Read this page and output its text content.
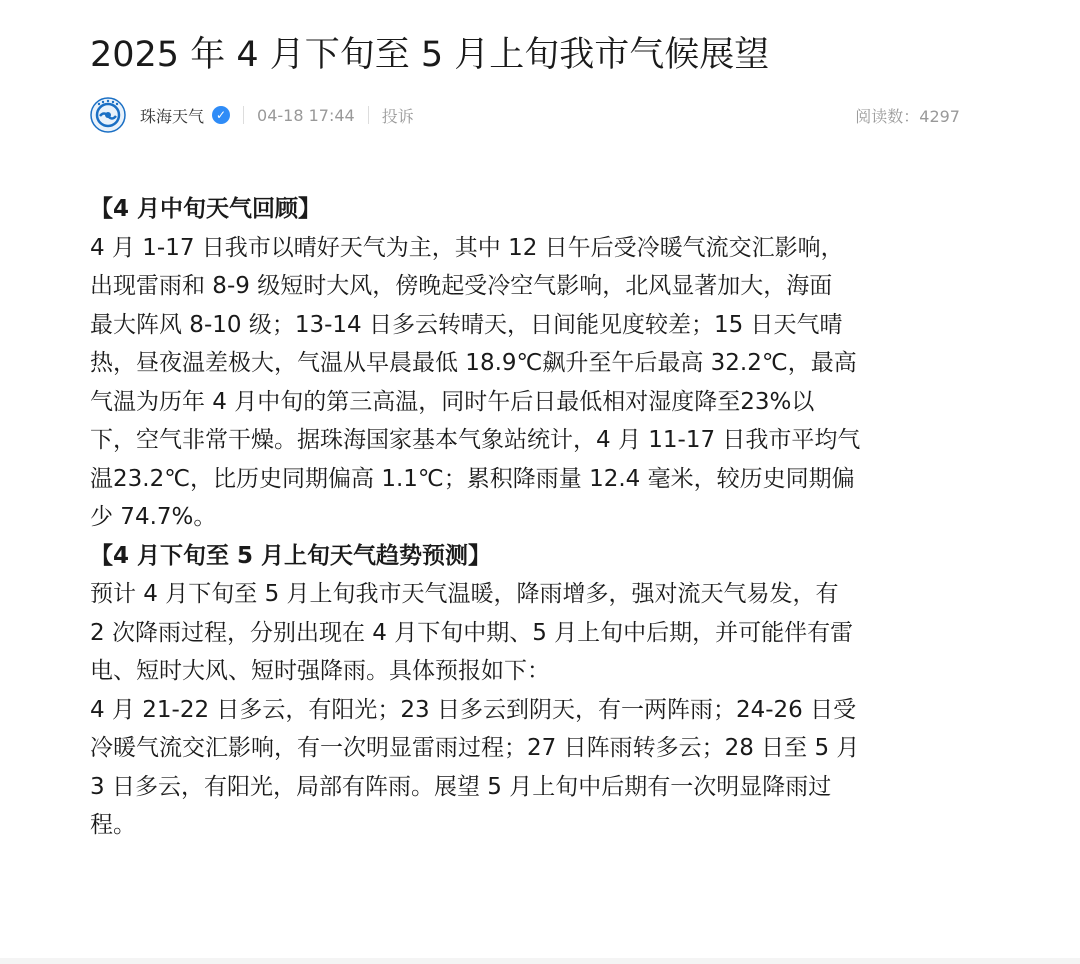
2025 年 4 月下旬至 5 月上旬我市气候展望
珠海天气 ✓ 04-18 17:44 投诉	阅读数：4297

【4 月中旬天气回顾】

4 月 1-17 日我市以晴好天气为主，其中 12 日午后受冷暖气流交汇影响，

出现雷雨和 8-9 级短时大风，傍晚起受冷空气影响，北风显著加大，海面

最大阵风 8-10 级；13-14 日多云转晴天，日间能见度较差；15 日天气晴

热，昼夜温差极大，气温从早晨最低 18.9℃飙升至午后最高 32.2℃，最高

气温为历年 4 月中旬的第三高温，同时午后日最低相对湿度降至23%以

下，空气非常干燥。据珠海国家基本气象站统计，4 月 11-17 日我市平均气

温23.2℃，比历史同期偏高 1.1℃；累积降雨量 12.4 毫米，较历史同期偏

少 74.7%。

【4 月下旬至 5 月上旬天气趋势预测】

预计 4 月下旬至 5 月上旬我市天气温暖，降雨增多，强对流天气易发，有

2 次降雨过程，分别出现在 4 月下旬中期、5 月上旬中后期，并可能伴有雷

电、短时大风、短时强降雨。具体预报如下：

4 月 21-22 日多云，有阳光；23 日多云到阴天，有一两阵雨；24-26 日受

冷暖气流交汇影响，有一次明显雷雨过程；27 日阵雨转多云；28 日至 5 月

3 日多云，有阳光，局部有阵雨。展望 5 月上旬中后期有一次明显降雨过

程。
